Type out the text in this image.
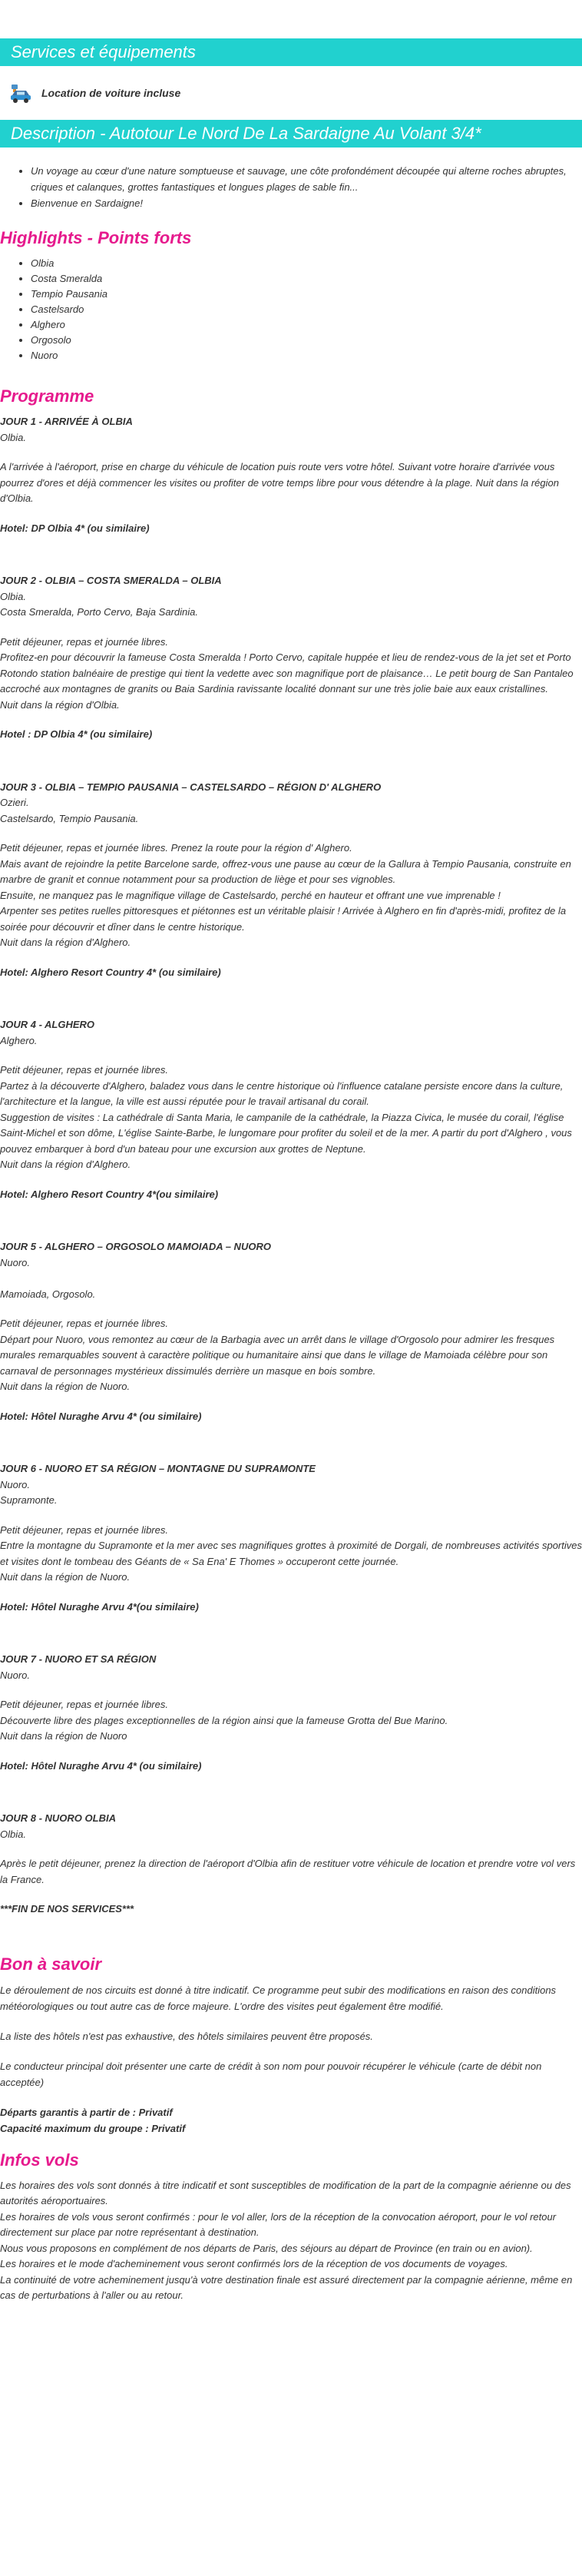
Services et équipements
Location de voiture incluse
Description - Autotour Le Nord De La Sardaigne Au Volant 3/4*
• Un voyage au cœur d'une nature somptueuse et sauvage, une côte profondément découpée qui alterne roches abruptes, criques et calanques, grottes fantastiques et longues plages de sable fin...
• Bienvenue en Sardaigne!
Highlights - Points forts
• Olbia
• Costa Smeralda
• Tempio Pausania
• Castelsardo
• Alghero
• Orgosolo
• Nuoro
Programme

JOUR 1 - ARRIVÉE À OLBIA

Olbia.

A l'arrivée à l'aéroport, prise en charge du véhicule de location puis route vers votre hôtel. Suivant votre horaire d'arrivée vous pourrez d'ores et déjà commencer les visites ou profiter de votre temps libre pour vous détendre à la plage. Nuit dans la région d'Olbia.

Hotel: DP Olbia 4* (ou similaire)

JOUR 2 - OLBIA – COSTA SMERALDA – OLBIA

Olbia.

Costa Smeralda, Porto Cervo, Baja Sardinia.

Petit déjeuner, repas et journée libres.

Profitez-en pour découvrir la fameuse Costa Smeralda ! Porto Cervo, capitale huppée et lieu de rendez-vous de la jet set et Porto Rotondo station balnéaire de prestige qui tient la vedette avec son magnifique port de plaisance… Le petit bourg de San Pantaleo accroché aux montagnes de granits ou Baia Sardinia ravissante localité donnant sur une très jolie baie aux eaux cristallines.

Nuit dans la région d'Olbia.

Hotel : DP Olbia 4* (ou similaire)

JOUR 3 - OLBIA – TEMPIO PAUSANIA – CASTELSARDO – RÉGION D' ALGHERO

Ozieri.

Castelsardo, Tempio Pausania.

Petit déjeuner, repas et journée libres. Prenez la route pour la région d' Alghero.

Mais avant de rejoindre la petite Barcelone sarde, offrez-vous une pause au cœur de la Gallura à Tempio Pausania, construite en marbre de granit et connue notamment pour sa production de liège et pour ses vignobles.

Ensuite, ne manquez pas le magnifique village de Castelsardo, perché en hauteur et offrant une vue imprenable !

Arpenter ses petites ruelles pittoresques et piétonnes est un véritable plaisir ! Arrivée à Alghero en fin d'après-midi, profitez de la soirée pour découvrir et dîner dans le centre historique.

Nuit dans la région d'Alghero.

Hotel: Alghero Resort Country 4* (ou similaire)

JOUR 4 - ALGHERO

Alghero.

Petit déjeuner, repas et journée libres.

Partez à la découverte d'Alghero, baladez vous dans le centre historique où l'influence catalane persiste encore dans la culture, l'architecture et la langue, la ville est aussi réputée pour le travail artisanal du corail.

Suggestion de visites : La cathédrale di Santa Maria, le campanile de la cathédrale, la Piazza Civica, le musée du corail, l'église Saint-Michel et son dôme, L'église Sainte-Barbe, le lungomare pour profiter du soleil et de la mer. A partir du port d'Alghero , vous pouvez embarquer à bord d'un bateau pour une excursion aux grottes de Neptune.

Nuit dans la région d'Alghero.

Hotel: Alghero Resort Country 4*(ou similaire)

JOUR 5 - ALGHERO – ORGOSOLO MAMOIADA – NUORO

Nuoro.

Mamoiada, Orgosolo.

Petit déjeuner, repas et journée libres.

Départ pour Nuoro, vous remontez au cœur de la Barbagia avec un arrêt dans le village d'Orgosolo pour admirer les fresques murales remarquables souvent à caractère politique ou humanitaire ainsi que dans le village de Mamoiada célèbre pour son carnaval de personnages mystérieux dissimulés derrière un masque en bois sombre.

Nuit dans la région de Nuoro.

Hotel: Hôtel Nuraghe Arvu 4* (ou similaire)

JOUR 6 - NUORO ET SA RÉGION – MONTAGNE DU SUPRAMONTE

Nuoro.

Supramonte.

Petit déjeuner, repas et journée libres.

Entre la montagne du Supramonte et la mer avec ses magnifiques grottes à proximité de Dorgali, de nombreuses activités sportives et visites dont le tombeau des Géants de « Sa Ena' E Thomes » occuperont cette journée.

Nuit dans la région de Nuoro.

Hotel: Hôtel Nuraghe Arvu 4*(ou similaire)

JOUR 7 - NUORO ET SA RÉGION

Nuoro.

Petit déjeuner, repas et journée libres.

Découverte libre des plages exceptionnelles de la région ainsi que la fameuse Grotta del Bue Marino.

Nuit dans la région de Nuoro

Hotel: Hôtel Nuraghe Arvu 4* (ou similaire)

JOUR 8 - NUORO OLBIA

Olbia.

Après le petit déjeuner, prenez la direction de l'aéroport d'Olbia afin de restituer votre véhicule de location et prendre votre vol vers la France.

***FIN DE NOS SERVICES***

Bon à savoir

Le déroulement de nos circuits est donné à titre indicatif. Ce programme peut subir des modifications en raison des conditions météorologiques ou tout autre cas de force majeure. L'ordre des visites peut également être modifié.

La liste des hôtels n'est pas exhaustive, des hôtels similaires peuvent être proposés.

Le conducteur principal doit présenter une carte de crédit à son nom pour pouvoir récupérer le véhicule (carte de débit non acceptée)

Départs garantis à partir de : Privatif

Capacité maximum du groupe : Privatif

Infos vols

Les horaires des vols sont donnés à titre indicatif et sont susceptibles de modification de la part de la compagnie aérienne ou des autorités aéroportuaires.

Les horaires de vols vous seront confirmés : pour le vol aller, lors de la réception de la convocation aéroport, pour le vol retour directement sur place par notre représentant à destination.

Nous vous proposons en complément de nos départs de Paris, des séjours au départ de Province (en train ou en avion).

Les horaires et le mode d'acheminement vous seront confirmés lors de la réception de vos documents de voyages.

La continuité de votre acheminement jusqu'à votre destination finale est assuré directement par la compagnie aérienne, même en cas de perturbations à l'aller ou au retour.
